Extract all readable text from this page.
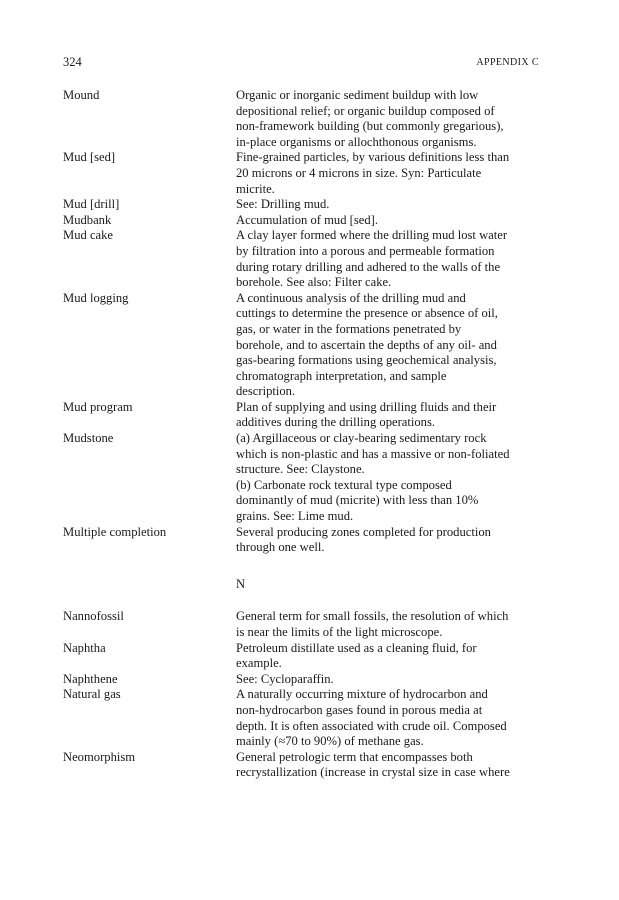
324	APPENDIX C
Mound	Organic or inorganic sediment buildup with low

depositional relief; or organic buildup composed of

non-framework building (but commonly gregarious),

in-place organisms or allochthonous organisms.

Mud [sed]	Fine-grained particles, by various definitions less than

20 microns or 4 microns in size. Syn: Particulate

micrite.

Mud [drill]	See: Drilling mud.

Mudbank	Accumulation of mud [sed].

Mud cake	A clay layer formed where the drilling mud lost water

by filtration into a porous and permeable formation

during rotary drilling and adhered to the walls of the

borehole. See also: Filter cake.

Mud logging	A continuous analysis of the drilling mud and

cuttings to determine the presence or absence of oil,

gas, or water in the formations penetrated by

borehole, and to ascertain the depths of any oil- and

gas-bearing formations using geochemical analysis,

chromatograph interpretation, and sample

description.

Mud program	Plan of supplying and using drilling fluids and their

additives during the drilling operations.

Mudstone	(a) Argillaceous or clay-bearing sedimentary rock

which is non-plastic and has a massive or non-foliated

structure. See: Claystone.

(b) Carbonate rock textural type composed

dominantly of mud (micrite) with less than 10%

grains. See: Lime mud.

Multiple completion	Several producing zones completed for production

through one well.

N
Nannofossil	General term for small fossils, the resolution of which

is near the limits of the light microscope.

Naphtha	Petroleum distillate used as a cleaning fluid, for

example.

Naphthene	See: Cycloparaffin.

Natural gas	A naturally occurring mixture of hydrocarbon and

non-hydrocarbon gases found in porous media at

depth. It is often associated with crude oil. Composed

mainly (≈70 to 90%) of methane gas.

Neomorphism	General petrologic term that encompasses both

recrystallization (increase in crystal size in case where
